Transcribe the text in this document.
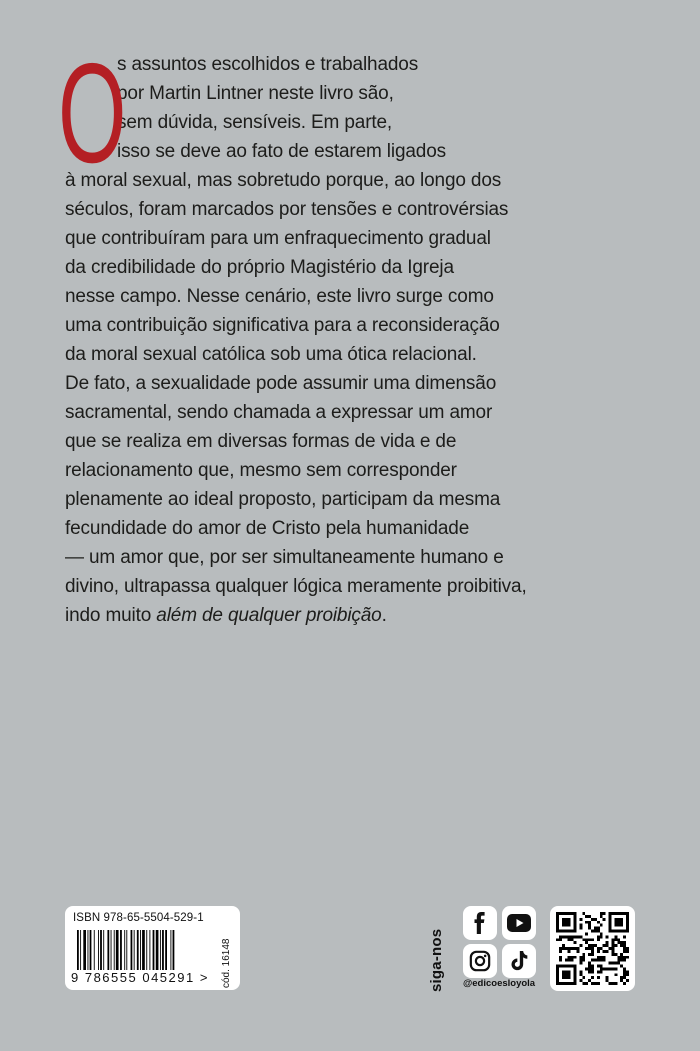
O
s assuntos escolhidos e trabalhados
por Martin Lintner neste livro são,
sem dúvida, sensíveis. Em parte,
isso se deve ao fato de estarem ligados
à moral sexual, mas sobretudo porque, ao longo dos
séculos, foram marcados por tensões e controvérsias
que contribuíram para um enfraquecimento gradual
da credibilidade do próprio Magistério da Igreja
nesse campo. Nesse cenário, este livro surge como
uma contribuição significativa para a reconsideração
da moral sexual católica sob uma ótica relacional.
De fato, a sexualidade pode assumir uma dimensão
sacramental, sendo chamada a expressar um amor
que se realiza em diversas formas de vida e de
relacionamento que, mesmo sem corresponder
plenamente ao ideal proposto, participam da mesma
fecundidade do amor de Cristo pela humanidade
— um amor que, por ser simultaneamente humano e
divino, ultrapassa qualquer lógica meramente proibitiva,
indo muito além de qualquer proibição.
ISBN 978-65-5504-529-1
9 786555 045291 > cód. 16148	siga-nos @edicoesloyola
